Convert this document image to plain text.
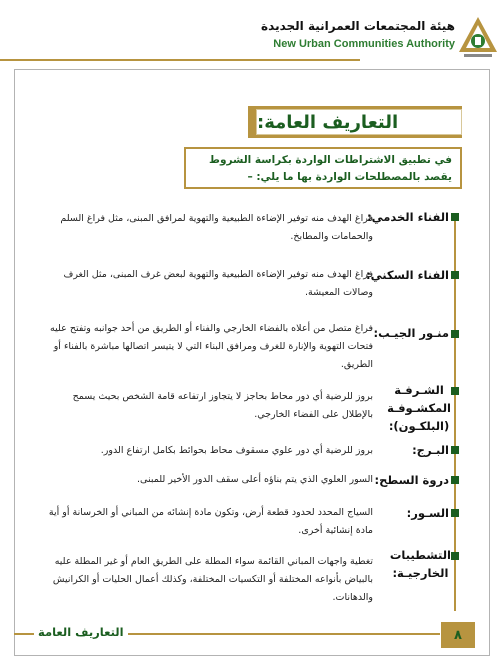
هيئة المجتمعات العمرانية الجديدة
New Urban Communities Authority
التعاريف العامة:
في تطبيق الاشتراطات الواردة بكراسة الشروط
يقصد بالمصطلحات الواردة بها ما يلي: –
الفناء الخدمي:
فراغ الهدف منه توفير الإضاءة الطبيعية والتهوية لمرافق المبنى، مثل فراغ السلم والحمامات والمطابخ.
الفناء السكني:
فراغ الهدف منه توفير الإضاءة الطبيعية والتهوية لبعض غرف المبنى، مثل الغرف وصالات المعيشة.
منـور الجيـب:
فراغ متصل من أعلاه بالفضاء الخارجي والفناء أو الطريق من أحد جوانبه وتفتح عليه فتحات التهوية والإنارة للغرف ومرافق البناء التي لا يتيسر اتصالها مباشرة بالفناء أو الطريق.
الشـرفـة
المكشـوفـة
(البلكـون):
بروز للرضية أي دور محاط بحاجز لا يتجاوز ارتفاعه قامة الشخص بحيث يسمح بالإطلال على الفضاء الخارجي.
البـرج:
بروز للرضية أي دور علوي مسقوف محاط بحوائط بكامل ارتفاع الدور.
دروة السطح:
السور العلوي الذي يتم بناؤه أعلى سقف الدور الأخير للمبنى.
السـور:
السياج المحدد لحدود قطعة أرض، وتكون مادة إنشائه من المباني أو الخرسانة أو أية مادة إنشائية أخرى.
التشطيبات
الخارجيـة:
تغطية واجهات المباني القائمة سواء المطلة على الطريق العام أو غير المطلة عليه بالبياض بأنواعه المختلفة أو التكسيات المختلفة، وكذلك أعمال الحليات أو الكرانيش والدهانات.
التعاريف العامة	٨
